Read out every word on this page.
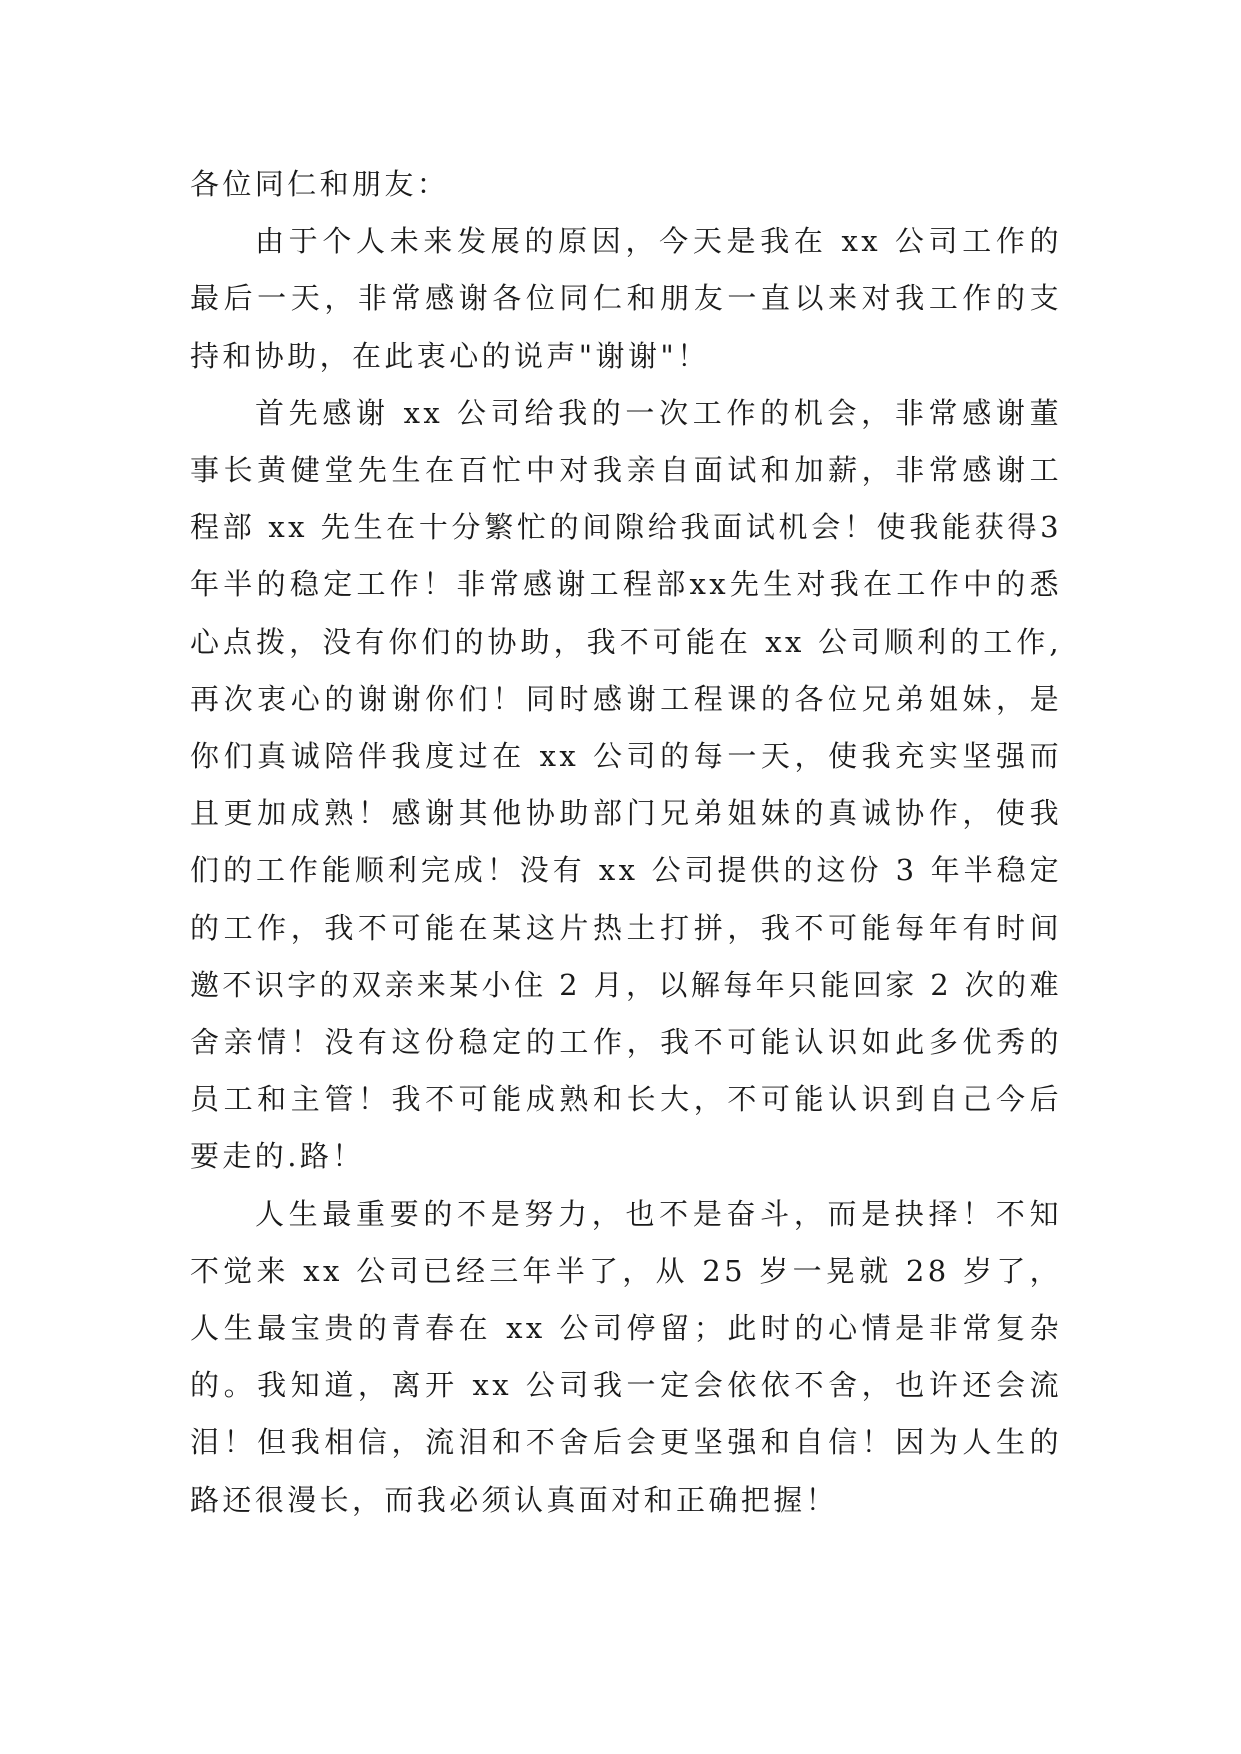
各位同仁和朋友：

由于个人未来发展的原因，今天是我在 xx 公司工作的最后一天，非常感谢各位同仁和朋友一直以来对我工作的支持和协助，在此衷心的说声"谢谢"！

首先感谢 xx 公司给我的一次工作的机会，非常感谢董事长黄健堂先生在百忙中对我亲自面试和加薪，非常感谢工程部 xx 先生在十分繁忙的间隙给我面试机会！使我能获得3年半的稳定工作！非常感谢工程部xx先生对我在工作中的悉心点拨，没有你们的协助，我不可能在 xx 公司顺利的工作,再次衷心的谢谢你们！同时感谢工程课的各位兄弟姐妹，是你们真诚陪伴我度过在 xx 公司的每一天，使我充实坚强而且更加成熟！感谢其他协助部门兄弟姐妹的真诚协作，使我们的工作能顺利完成！没有 xx 公司提供的这份 3 年半稳定的工作，我不可能在某这片热土打拼，我不可能每年有时间邀不识字的双亲来某小住 2 月，以解每年只能回家 2 次的难舍亲情！没有这份稳定的工作，我不可能认识如此多优秀的员工和主管！我不可能成熟和长大，不可能认识到自己今后要走的.路！

人生最重要的不是努力，也不是奋斗，而是抉择！不知不觉来 xx 公司已经三年半了，从 25 岁一晃就 28 岁了，人生最宝贵的青春在 xx 公司停留；此时的心情是非常复杂的。我知道，离开 xx 公司我一定会依依不舍，也许还会流泪！但我相信，流泪和不舍后会更坚强和自信！因为人生的路还很漫长，而我必须认真面对和正确把握！
